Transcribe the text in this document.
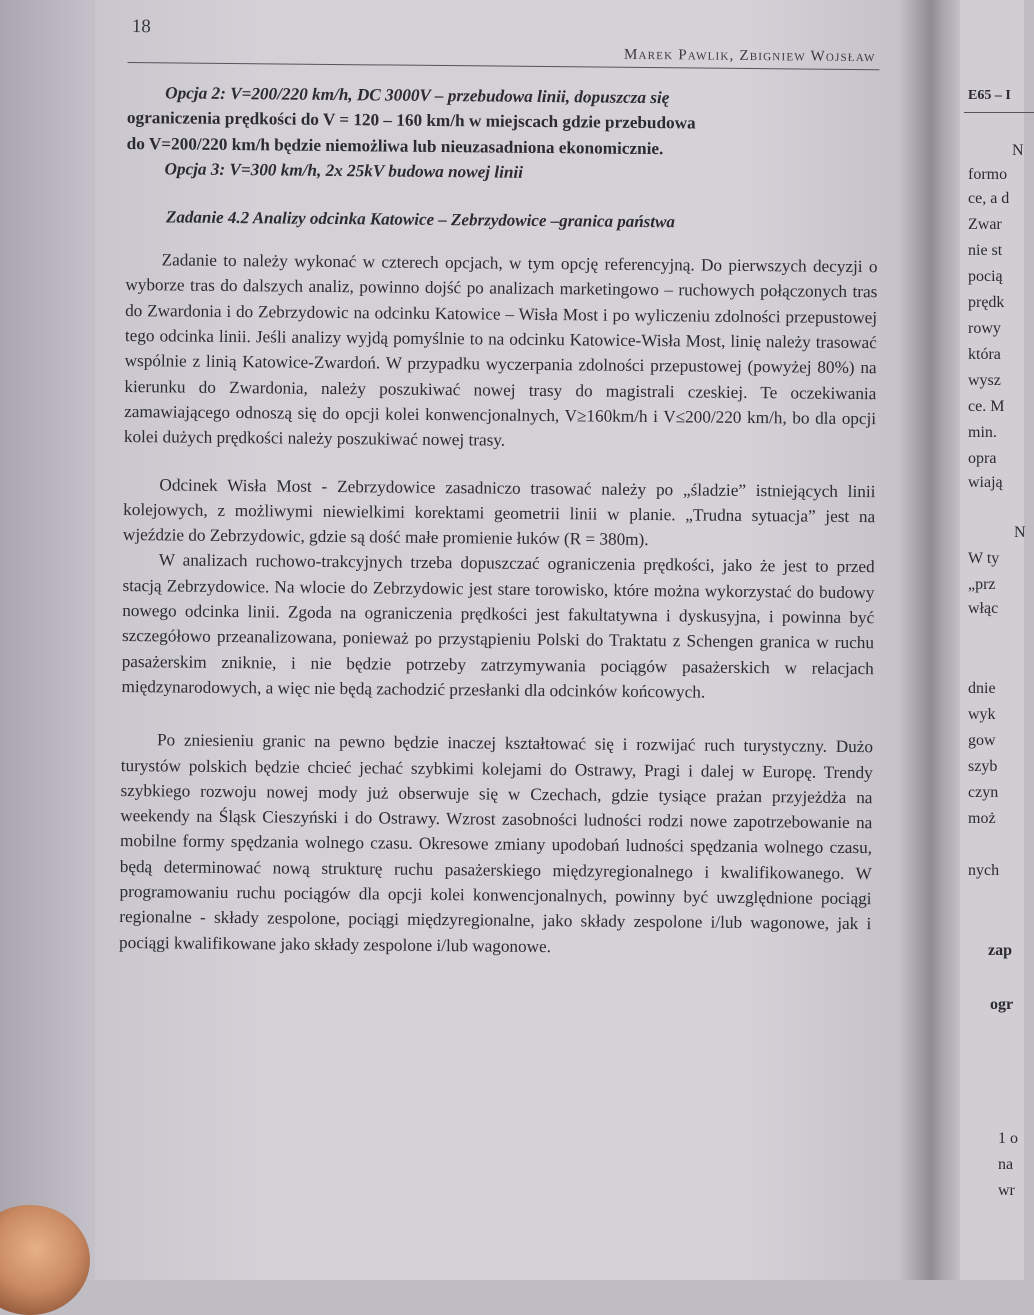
18
Marek Pawlik, Zbigniew Wojsław
Opcja 2: V=200/220 km/h, DC 3000V – przebudowa linii, dopuszcza się
ograniczenia prędkości do V = 120 – 160 km/h w miejscach gdzie przebudowa
do V=200/220 km/h będzie niemożliwa lub nieuzasadniona ekonomicznie.
Opcja 3: V=300 km/h, 2x 25kV budowa nowej linii
Zadanie 4.2 Analizy odcinka Katowice – Zebrzydowice –granica państwa

Zadanie to należy wykonać w czterech opcjach, w tym opcję referencyjną. Do pierwszych decyzji o wyborze tras do dalszych analiz, powinno dojść po analizach marketingowo – ruchowych połączonych tras do Zwardonia i do Zebrzydowic na odcinku Katowice – Wisła Most i po wyliczeniu zdolności przepustowej tego odcinka linii. Jeśli analizy wyjdą pomyślnie to na odcinku Katowice-Wisła Most, linię należy trasować wspólnie z linią Katowice-Zwardoń. W przypadku wyczerpania zdolności przepustowej (powyżej 80%) na kierunku do Zwardonia, należy poszukiwać nowej trasy do magistrali czeskiej. Te oczekiwania zamawiającego odnoszą się do opcji kolei konwencjonalnych, V≥160km/h i V≤200/220 km/h, bo dla opcji kolei dużych prędkości należy poszukiwać nowej trasy.

Odcinek Wisła Most - Zebrzydowice zasadniczo trasować należy po „śladzie” istniejących linii kolejowych, z możliwymi niewielkimi korektami geometrii linii w planie. „Trudna sytuacja” jest na wjeździe do Zebrzydowic, gdzie są dość małe promienie łuków (R = 380m).

W analizach ruchowo-trakcyjnych trzeba dopuszczać ograniczenia prędkości, jako że jest to przed stacją Zebrzydowice. Na wlocie do Zebrzydowic jest stare torowisko, które można wykorzystać do budowy nowego odcinka linii. Zgoda na ograniczenia prędkości jest fakultatywna i dyskusyjna, i powinna być szczegółowo przeanalizowana, ponieważ po przystąpieniu Polski do Traktatu z Schengen granica w ruchu pasażerskim zniknie, i nie będzie potrzeby zatrzymywania pociągów pasażerskich w relacjach międzynarodowych, a więc nie będą zachodzić przesłanki dla odcinków końcowych.

Po zniesieniu granic na pewno będzie inaczej kształtować się i rozwijać ruch turystyczny. Dużo turystów polskich będzie chcieć jechać szybkimi kolejami do Ostrawy, Pragi i dalej w Europę. Trendy szybkiego rozwoju nowej mody już obserwuje się w Czechach, gdzie tysiące prażan przyjeżdża na weekendy na Śląsk Cieszyński i do Ostrawy. Wzrost zasobności ludności rodzi nowe zapotrzebowanie na mobilne formy spędzania wolnego czasu. Okresowe zmiany upodobań ludności spędzania wolnego czasu, będą determinować nową strukturę ruchu pasażerskiego międzyregionalnego i kwalifikowanego. W programowaniu ruchu pociągów dla opcji kolei konwencjonalnych, powinny być uwzględnione pociągi regionalne - składy zespolone, pociągi międzyregionalne, jako składy zespolone i/lub wagonowe, jak i pociągi kwalifikowane jako składy zespolone i/lub wagonowe.

E65 – I
N
formo
ce, a d
Zwar
nie st
pocią
prędk
rowy
która
wysz
ce. M
min.
opra
wiają
N
W ty
„prz
włąc
dnie
wyk
gow
szyb
czyn
moż
nych
zap
ogr
1 o
na
wr
